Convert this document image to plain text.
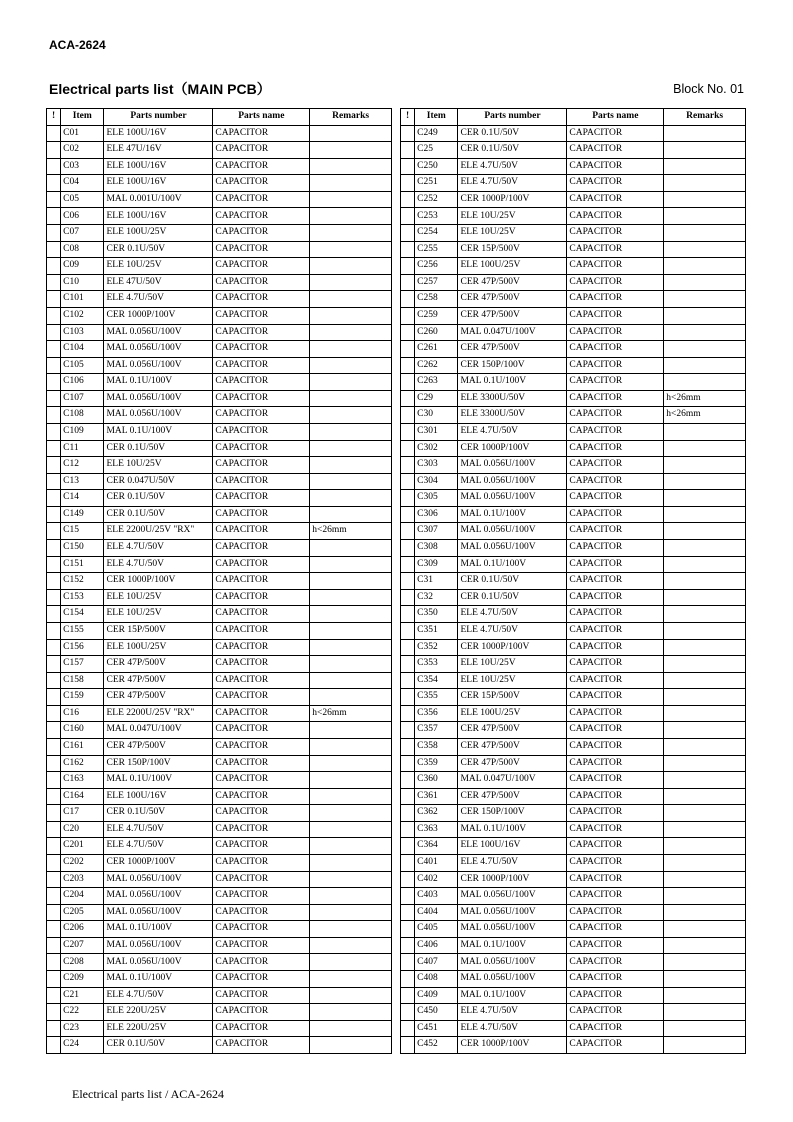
ACA-2624
Electrical parts list（MAIN PCB）	Block No. 01
!	Item	Parts number	Parts name	Remarks
	C01	ELE 100U/16V	CAPACITOR	
	C02	ELE 47U/16V	CAPACITOR	
	C03	ELE 100U/16V	CAPACITOR	
	C04	ELE 100U/16V	CAPACITOR	
	C05	MAL 0.001U/100V	CAPACITOR	
	C06	ELE 100U/16V	CAPACITOR	
	C07	ELE 100U/25V	CAPACITOR	
	C08	CER 0.1U/50V	CAPACITOR	
	C09	ELE 10U/25V	CAPACITOR	
	C10	ELE 47U/50V	CAPACITOR	
	C101	ELE 4.7U/50V	CAPACITOR	
	C102	CER 1000P/100V	CAPACITOR	
	C103	MAL 0.056U/100V	CAPACITOR	
	C104	MAL 0.056U/100V	CAPACITOR	
	C105	MAL 0.056U/100V	CAPACITOR	
	C106	MAL 0.1U/100V	CAPACITOR	
	C107	MAL 0.056U/100V	CAPACITOR	
	C108	MAL 0.056U/100V	CAPACITOR	
	C109	MAL 0.1U/100V	CAPACITOR	
	C11	CER 0.1U/50V	CAPACITOR	
	C12	ELE 10U/25V	CAPACITOR	
	C13	CER 0.047U/50V	CAPACITOR	
	C14	CER 0.1U/50V	CAPACITOR	
	C149	CER 0.1U/50V	CAPACITOR	
	C15	ELE 2200U/25V "RX"	CAPACITOR	h<26mm
	C150	ELE 4.7U/50V	CAPACITOR	
	C151	ELE 4.7U/50V	CAPACITOR	
	C152	CER 1000P/100V	CAPACITOR	
	C153	ELE 10U/25V	CAPACITOR	
	C154	ELE 10U/25V	CAPACITOR	
	C155	CER 15P/500V	CAPACITOR	
	C156	ELE 100U/25V	CAPACITOR	
	C157	CER 47P/500V	CAPACITOR	
	C158	CER 47P/500V	CAPACITOR	
	C159	CER 47P/500V	CAPACITOR	
	C16	ELE 2200U/25V "RX"	CAPACITOR	h<26mm
	C160	MAL 0.047U/100V	CAPACITOR	
	C161	CER 47P/500V	CAPACITOR	
	C162	CER 150P/100V	CAPACITOR	
	C163	MAL 0.1U/100V	CAPACITOR	
	C164	ELE 100U/16V	CAPACITOR	
	C17	CER 0.1U/50V	CAPACITOR	
	C20	ELE 4.7U/50V	CAPACITOR	
	C201	ELE 4.7U/50V	CAPACITOR	
	C202	CER 1000P/100V	CAPACITOR	
	C203	MAL 0.056U/100V	CAPACITOR	
	C204	MAL 0.056U/100V	CAPACITOR	
	C205	MAL 0.056U/100V	CAPACITOR	
	C206	MAL 0.1U/100V	CAPACITOR	
	C207	MAL 0.056U/100V	CAPACITOR	
	C208	MAL 0.056U/100V	CAPACITOR	
	C209	MAL 0.1U/100V	CAPACITOR	
	C21	ELE 4.7U/50V	CAPACITOR	
	C22	ELE 220U/25V	CAPACITOR	
	C23	ELE 220U/25V	CAPACITOR	
	C24	CER 0.1U/50V	CAPACITOR	
!	Item	Parts number	Parts name	Remarks
	C249	CER 0.1U/50V	CAPACITOR	
	C25	CER 0.1U/50V	CAPACITOR	
	C250	ELE 4.7U/50V	CAPACITOR	
	C251	ELE 4.7U/50V	CAPACITOR	
	C252	CER 1000P/100V	CAPACITOR	
	C253	ELE 10U/25V	CAPACITOR	
	C254	ELE 10U/25V	CAPACITOR	
	C255	CER 15P/500V	CAPACITOR	
	C256	ELE 100U/25V	CAPACITOR	
	C257	CER 47P/500V	CAPACITOR	
	C258	CER 47P/500V	CAPACITOR	
	C259	CER 47P/500V	CAPACITOR	
	C260	MAL 0.047U/100V	CAPACITOR	
	C261	CER 47P/500V	CAPACITOR	
	C262	CER 150P/100V	CAPACITOR	
	C263	MAL 0.1U/100V	CAPACITOR	
	C29	ELE 3300U/50V	CAPACITOR	h<26mm
	C30	ELE 3300U/50V	CAPACITOR	h<26mm
	C301	ELE 4.7U/50V	CAPACITOR	
	C302	CER 1000P/100V	CAPACITOR	
	C303	MAL 0.056U/100V	CAPACITOR	
	C304	MAL 0.056U/100V	CAPACITOR	
	C305	MAL 0.056U/100V	CAPACITOR	
	C306	MAL 0.1U/100V	CAPACITOR	
	C307	MAL 0.056U/100V	CAPACITOR	
	C308	MAL 0.056U/100V	CAPACITOR	
	C309	MAL 0.1U/100V	CAPACITOR	
	C31	CER 0.1U/50V	CAPACITOR	
	C32	CER 0.1U/50V	CAPACITOR	
	C350	ELE 4.7U/50V	CAPACITOR	
	C351	ELE 4.7U/50V	CAPACITOR	
	C352	CER 1000P/100V	CAPACITOR	
	C353	ELE 10U/25V	CAPACITOR	
	C354	ELE 10U/25V	CAPACITOR	
	C355	CER 15P/500V	CAPACITOR	
	C356	ELE 100U/25V	CAPACITOR	
	C357	CER 47P/500V	CAPACITOR	
	C358	CER 47P/500V	CAPACITOR	
	C359	CER 47P/500V	CAPACITOR	
	C360	MAL 0.047U/100V	CAPACITOR	
	C361	CER 47P/500V	CAPACITOR	
	C362	CER 150P/100V	CAPACITOR	
	C363	MAL 0.1U/100V	CAPACITOR	
	C364	ELE 100U/16V	CAPACITOR	
	C401	ELE 4.7U/50V	CAPACITOR	
	C402	CER 1000P/100V	CAPACITOR	
	C403	MAL 0.056U/100V	CAPACITOR	
	C404	MAL 0.056U/100V	CAPACITOR	
	C405	MAL 0.056U/100V	CAPACITOR	
	C406	MAL 0.1U/100V	CAPACITOR	
	C407	MAL 0.056U/100V	CAPACITOR	
	C408	MAL 0.056U/100V	CAPACITOR	
	C409	MAL 0.1U/100V	CAPACITOR	
	C450	ELE 4.7U/50V	CAPACITOR	
	C451	ELE 4.7U/50V	CAPACITOR	
	C452	CER 1000P/100V	CAPACITOR	
Electrical parts list / ACA-2624
